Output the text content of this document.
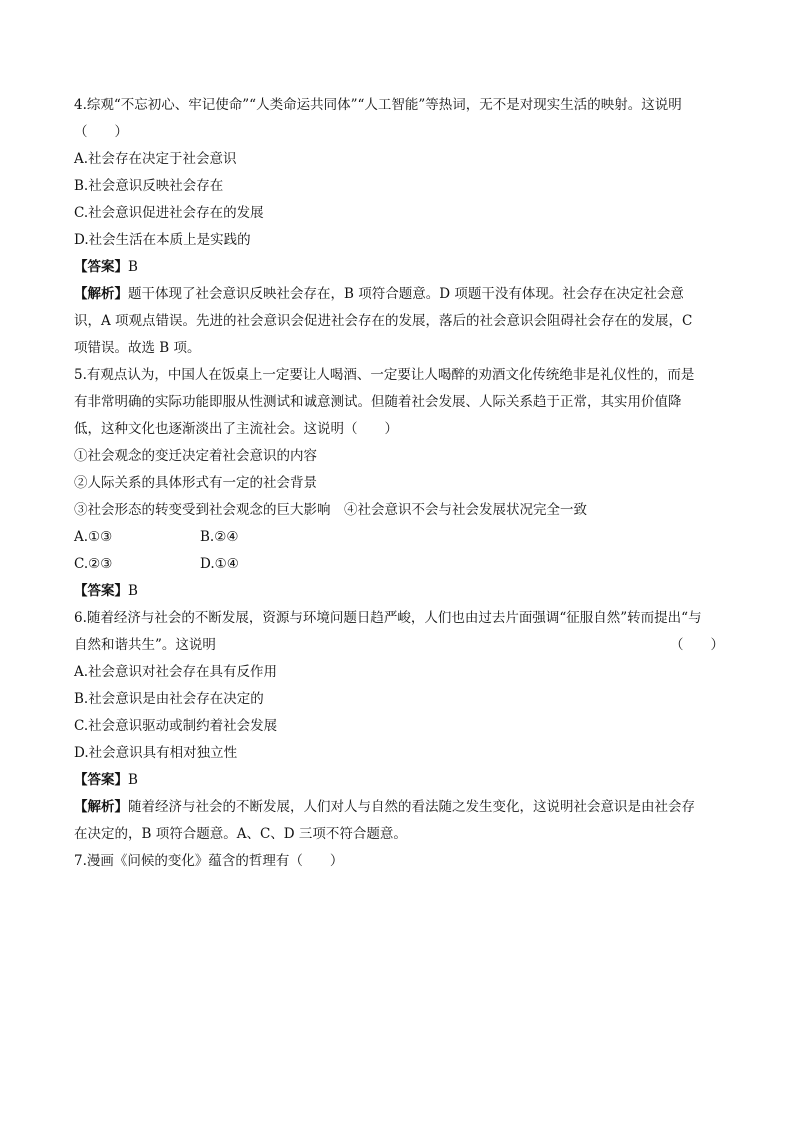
4.综观“不忘初心、牢记使命”“人类命运共同体”“人工智能”等热词，无不是对现实生活的映射。这说明
（　　）
A.社会存在决定于社会意识
B.社会意识反映社会存在
C.社会意识促进社会存在的发展
D.社会生活在本质上是实践的
【答案】B
【解析】题干体现了社会意识反映社会存在，B 项符合题意。D 项题干没有体现。社会存在决定社会意
识，A 项观点错误。先进的社会意识会促进社会存在的发展，落后的社会意识会阻碍社会存在的发展，C
项错误。故选 B 项。
5.有观点认为，中国人在饭桌上一定要让人喝酒、一定要让人喝醉的劝酒文化传统绝非是礼仪性的，而是
有非常明确的实际功能即服从性测试和诚意测试。但随着社会发展、人际关系趋于正常，其实用价值降
低，这种文化也逐渐淡出了主流社会。这说明（　　）
①社会观念的变迁决定着社会意识的内容
②人际关系的具体形式有一定的社会背景
③社会形态的转变受到社会观念的巨大影响　④社会意识不会与社会发展状况完全一致
A.①③	B.②④
C.②③	D.①④
【答案】B
6.随着经济与社会的不断发展，资源与环境问题日趋严峻，人们也由过去片面强调“征服自然”转而提出“与
自然和谐共生”。这说明	（　　）
A.社会意识对社会存在具有反作用
B.社会意识是由社会存在决定的
C.社会意识驱动或制约着社会发展
D.社会意识具有相对独立性
【答案】B
【解析】随着经济与社会的不断发展，人们对人与自然的看法随之发生变化，这说明社会意识是由社会存
在决定的，B 项符合题意。A、C、D 三项不符合题意。
7.漫画《问候的变化》蕴含的哲理有（　　）
